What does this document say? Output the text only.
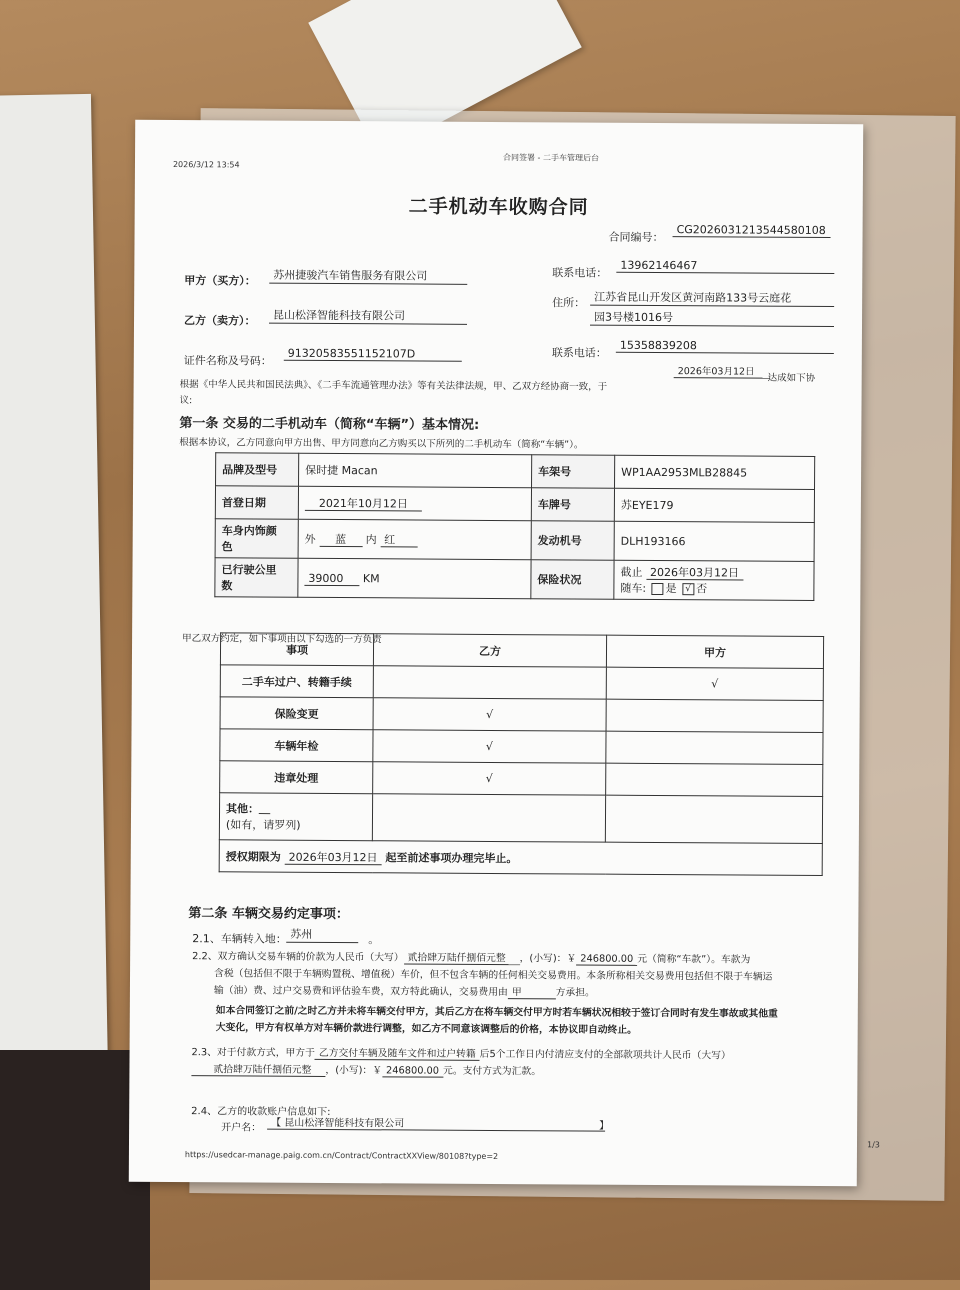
2026/3/12 13:54
合同签署 - 二手车管理后台
二手机动车收购合同
合同编号：
CG2026031213544580108
甲方（买方）：	苏州捷骏汽车销售服务有限公司	联系电话：
13962146467
乙方（卖方）：	昆山松泽智能科技有限公司
住所： 江苏省昆山开发区黄河南路133号云庭花
园3号楼1016号
证件名称及号码：
91320583551152107D	联系电话：
15358839208
根据《中华人民共和国民法典》、《二手车流通管理办法》等有关法律法规，甲、乙双方经协商一致，于
2026年03月12日
达成如下协
议:
第一条 交易的二手机动车（简称“车辆”）基本情况:
根据本协议，乙方同意向甲方出售、甲方同意向乙方购买以下所列的二手机动车（简称“车辆”）。
品牌及型号	保时捷 Macan	车架号	WP1AA2953MLB28845
首登日期	2021年10月12日	车牌号	苏EYE179
车身内饰颜
色	外 蓝 内 红	发动机号	DLH193166
已行驶公里
数	39000 KM	保险状况	截止 2026年03月12日
随车: 是 √ 否
甲乙双方约定，如下事项由以下勾选的一方负责
事项	乙方	甲方
二手车过户、转籍手续		√
保险变更	√	
车辆年检	√	
违章处理	√	
其他：＿
(如有，请罗列)		
授权期限为 2026年03月12日 起至前述事项办理完毕止。		
第二条 车辆交易约定事项：
2.1、车辆转入地： 苏州	。
2.2、双方确认交易车辆的价款为人民币（大写） 贰拾肆万陆仟捌佰元整 ，(小写)：￥ 246800.00 元（简称“车款”）。车款为
含税（包括但不限于车辆购置税、增值税）车价，但不包含车辆的任何相关交易费用。本条所称相关交易费用包括但不限于车辆运
输（油）费、过户交易费和评估验车费，双方特此确认，交易费用由 甲	方承担。
如本合同签订之前/之时乙方并未将车辆交付甲方，其后乙方在将车辆交付甲方时若车辆状况相较于签订合同时有发生事故或其他重
大变化，甲方有权单方对车辆价款进行调整，如乙方不同意该调整后的价格，本协议即自动终止。
2.3、对于付款方式，甲方于 乙方交付车辆及随车文件和过户转籍 后5个工作日内付清应支付的全部款项共计人民币（大写）
贰拾肆万陆仟捌佰元整 ，(小写)：￥ 246800.00 元。支付方式为汇款。
2.4、乙方的收款账户信息如下:
开户名： 【 昆山松泽智能科技有限公司	】
https://usedcar-manage.paig.com.cn/Contract/ContractXXView/80108?type=2
1/3
